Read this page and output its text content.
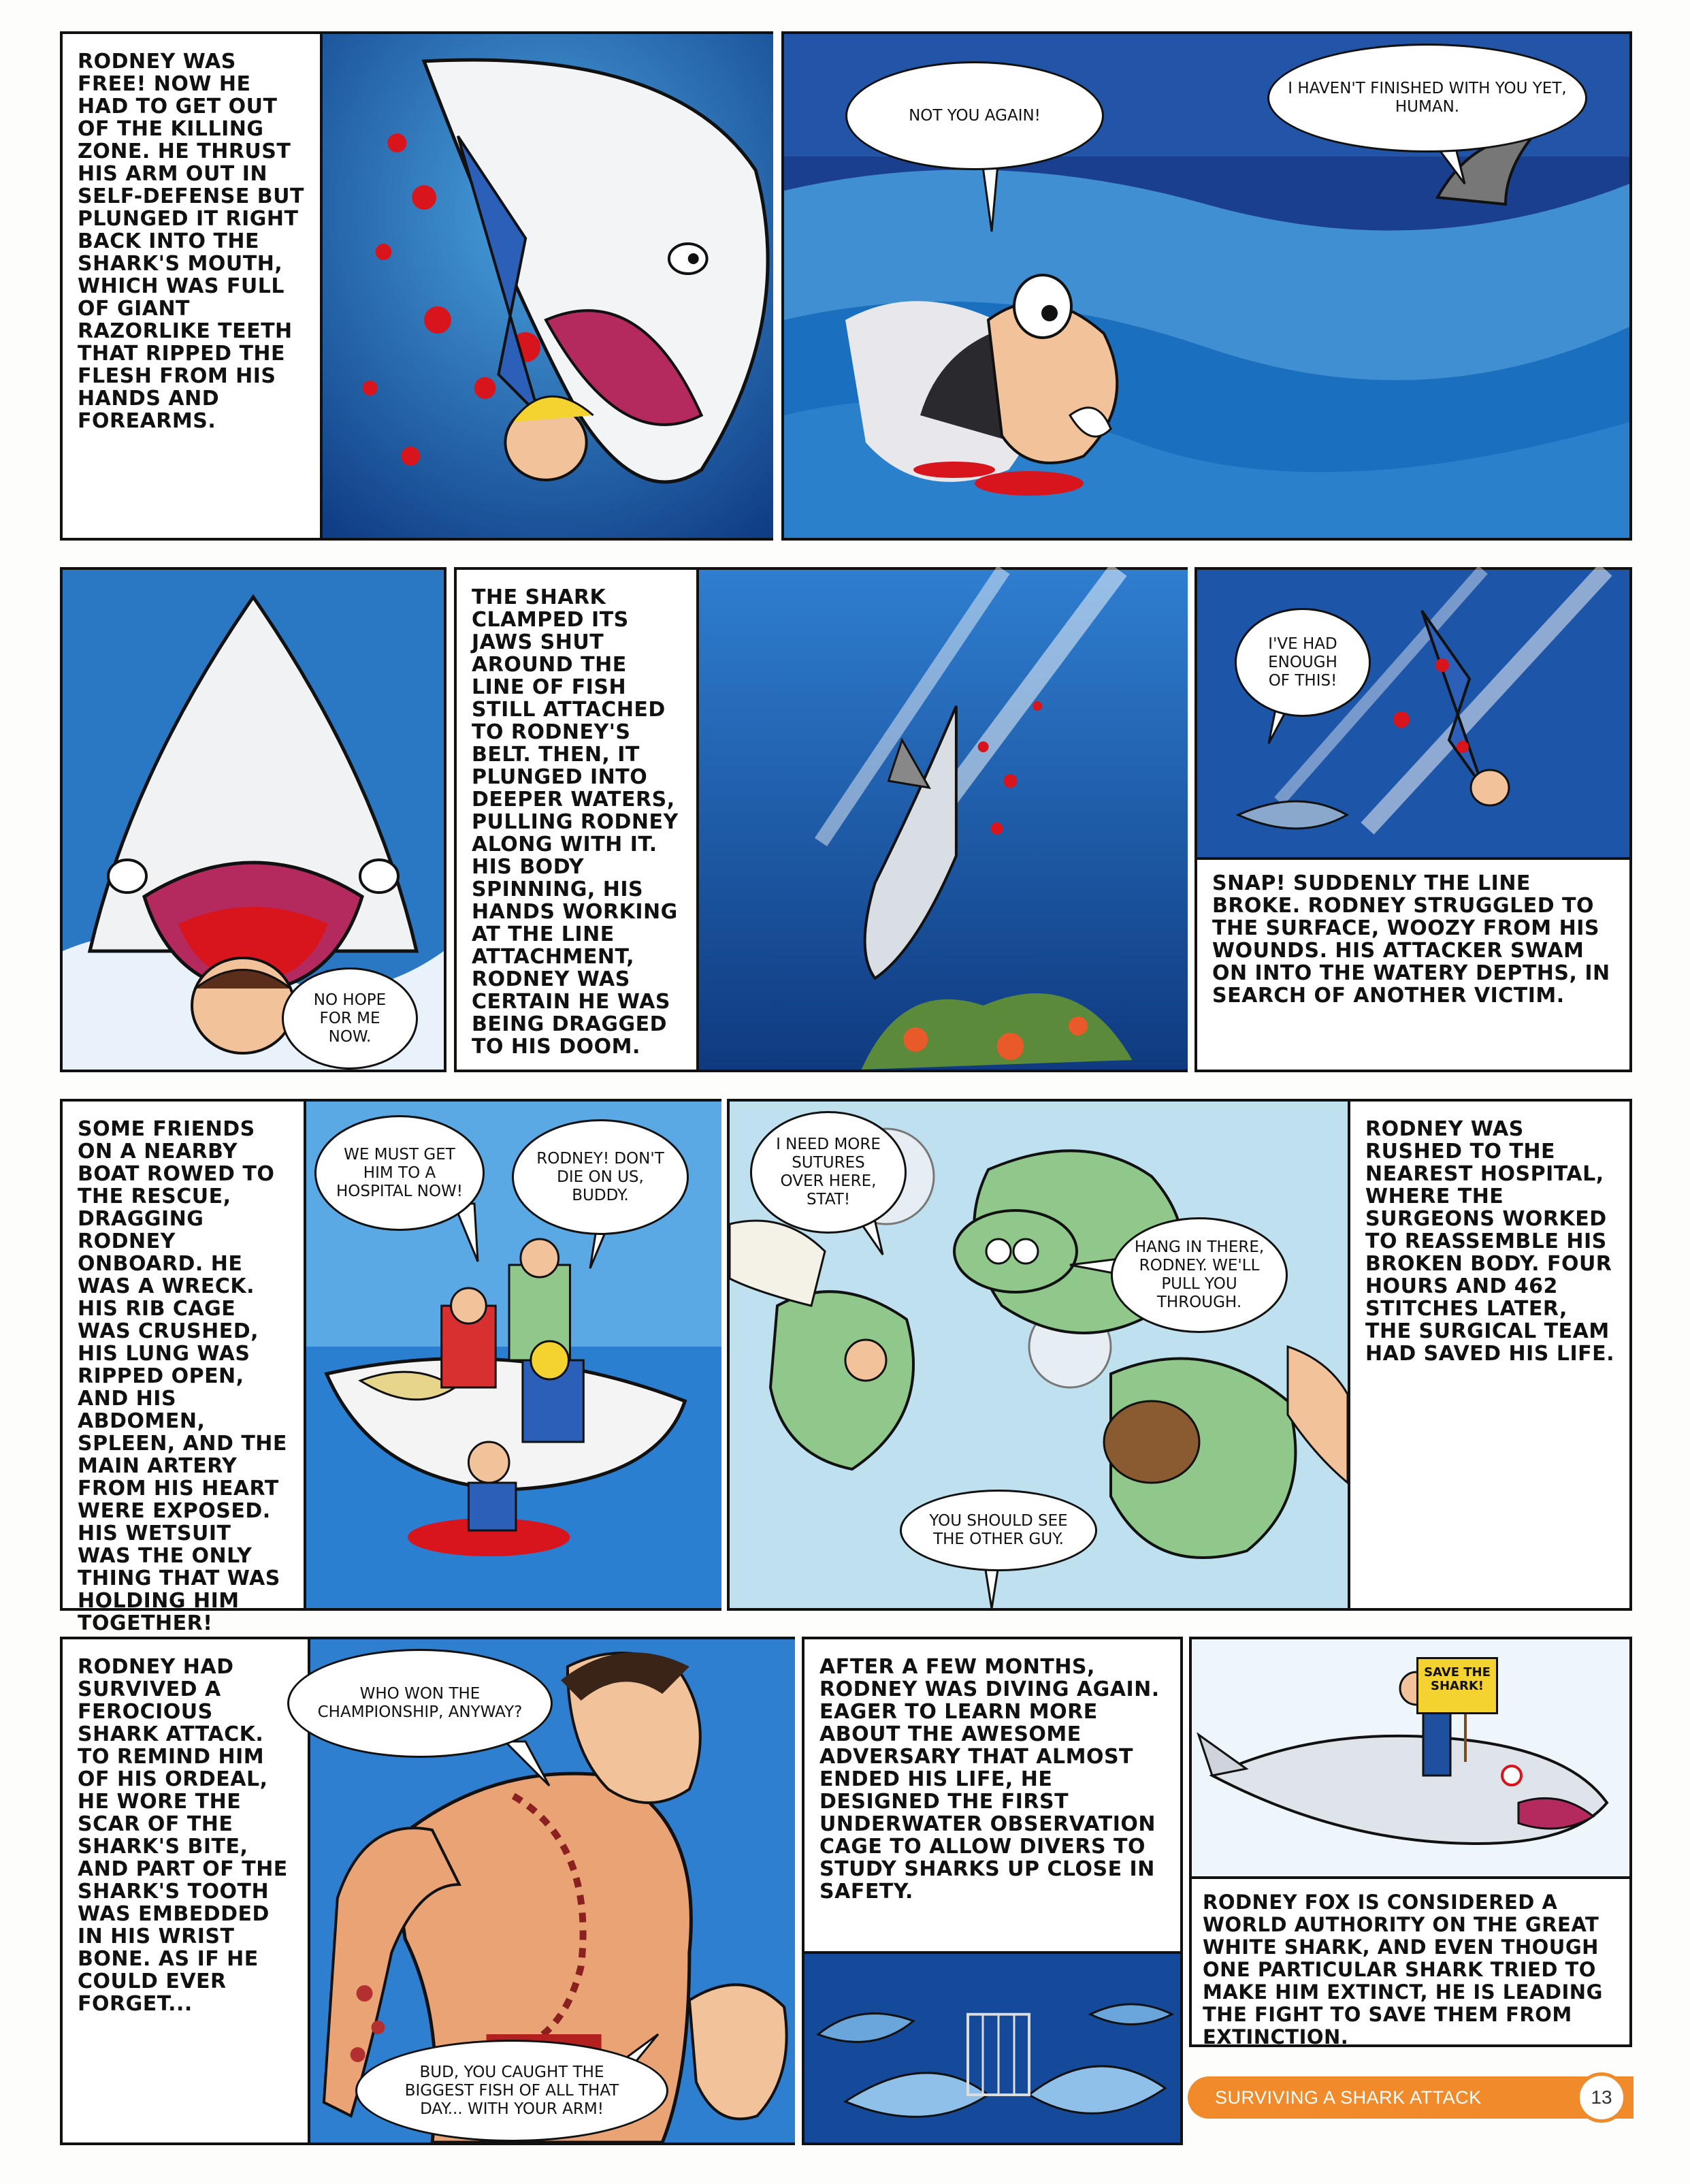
RODNEY WAS FREE! NOW HE HAD TO GET OUT OF THE KILLING ZONE. HE THRUST HIS ARM OUT IN SELF-DEFENSE BUT PLUNGED IT RIGHT BACK INTO THE SHARK'S MOUTH, WHICH WAS FULL OF GIANT RAZORLIKE TEETH THAT RIPPED THE FLESH FROM HIS HANDS AND FOREARMS.
NOT YOU AGAIN!
I HAVEN'T FINISHED WITH YOU YET, HUMAN.
NO HOPE FOR ME NOW.
THE SHARK CLAMPED ITS JAWS SHUT AROUND THE LINE OF FISH STILL ATTACHED TO RODNEY'S BELT. THEN, IT PLUNGED INTO DEEPER WATERS, PULLING RODNEY ALONG WITH IT. HIS BODY SPINNING, HIS HANDS WORKING AT THE LINE ATTACHMENT, RODNEY WAS CERTAIN HE WAS BEING DRAGGED TO HIS DOOM.
I'VE HAD ENOUGH OF THIS!
SNAP! SUDDENLY THE LINE BROKE. RODNEY STRUGGLED TO THE SURFACE, WOOZY FROM HIS WOUNDS. HIS ATTACKER SWAM ON INTO THE WATERY DEPTHS, IN SEARCH OF ANOTHER VICTIM.
SOME FRIENDS ON A NEARBY BOAT ROWED TO THE RESCUE, DRAGGING RODNEY ONBOARD. HE WAS A WRECK. HIS RIB CAGE WAS CRUSHED, HIS LUNG WAS RIPPED OPEN, AND HIS ABDOMEN, SPLEEN, AND THE MAIN ARTERY FROM HIS HEART WERE EXPOSED. HIS WETSUIT WAS THE ONLY THING THAT WAS HOLDING HIM TOGETHER!
WE MUST GET HIM TO A HOSPITAL NOW!
RODNEY! DON'T DIE ON US, BUDDY.
I NEED MORE SUTURES OVER HERE, STAT!
HANG IN THERE, RODNEY. WE'LL PULL YOU THROUGH.
YOU SHOULD SEE THE OTHER GUY.
RODNEY WAS RUSHED TO THE NEAREST HOSPITAL, WHERE THE SURGEONS WORKED TO REASSEMBLE HIS BROKEN BODY. FOUR HOURS AND 462 STITCHES LATER, THE SURGICAL TEAM HAD SAVED HIS LIFE.
RODNEY HAD SURVIVED A FEROCIOUS SHARK ATTACK. TO REMIND HIM OF HIS ORDEAL, HE WORE THE SCAR OF THE SHARK'S BITE, AND PART OF THE SHARK'S TOOTH WAS EMBEDDED IN HIS WRIST BONE. AS IF HE COULD EVER FORGET...
WHO WON THE CHAMPIONSHIP, ANYWAY?
BUD, YOU CAUGHT THE BIGGEST FISH OF ALL THAT DAY... WITH YOUR ARM!
AFTER A FEW MONTHS, RODNEY WAS DIVING AGAIN. EAGER TO LEARN MORE ABOUT THE AWESOME ADVERSARY THAT ALMOST ENDED HIS LIFE, HE DESIGNED THE FIRST UNDERWATER OBSERVATION CAGE TO ALLOW DIVERS TO STUDY SHARKS UP CLOSE IN SAFETY.
SAVE THE SHARK!
RODNEY FOX IS CONSIDERED A WORLD AUTHORITY ON THE GREAT WHITE SHARK, AND EVEN THOUGH ONE PARTICULAR SHARK TRIED TO MAKE HIM EXTINCT, HE IS LEADING THE FIGHT TO SAVE THEM FROM EXTINCTION.
SURVIVING A SHARK ATTACK	13
